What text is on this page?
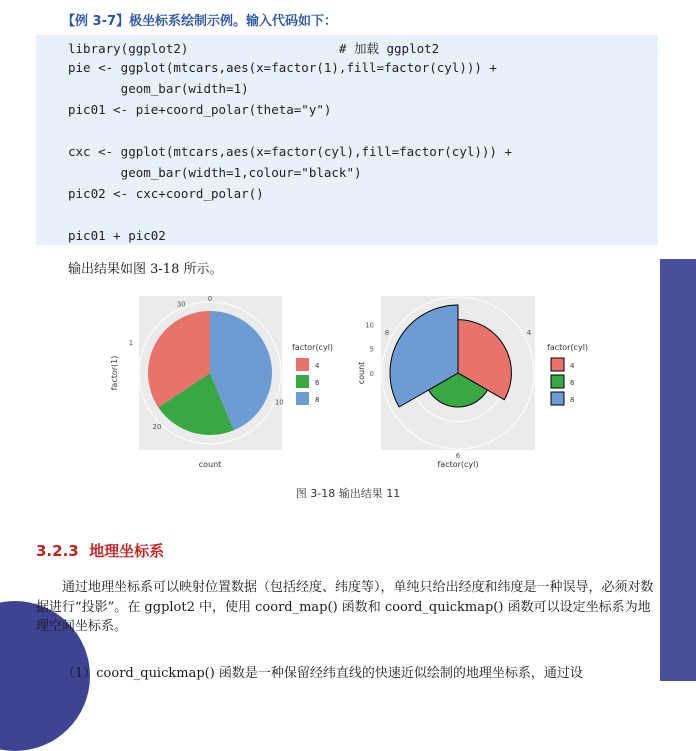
【例 3-7】极坐标系绘制示例。输入代码如下：
library(ggplot2)                    # 加载 ggplot2
pie <- ggplot(mtcars,aes(x=factor(1),fill=factor(cyl))) +
geom_bar(width=1)
pic01 <- pie+coord_polar(theta="y")
cxc <- ggplot(mtcars,aes(x=factor(cyl),fill=factor(cyl))) +
geom_bar(width=1,colour="black")
pic02 <- cxc+coord_polar()
pic01 + pic02
输出结果如图 3-18 所示。
0
10
20
30
factor(1)
1
count
factor(cyl)
4
6
8
4
6
8
0
5
10
count
factor(cyl)
factor(cyl)
4
6
8
图 3-18 输出结果 11
3.2.3 地理坐标系
通过地理坐标系可以映射位置数据（包括经度、纬度等），单纯只给出经度和纬度是一种误导，必须对数据进行“投影”。在 ggplot2 中，使用 coord_map() 函数和 coord_quickmap() 函数可以设定坐标系为地理空间坐标系。
（1）coord_quickmap() 函数是一种保留经纬直线的快速近似绘制的地理坐标系，通过设
